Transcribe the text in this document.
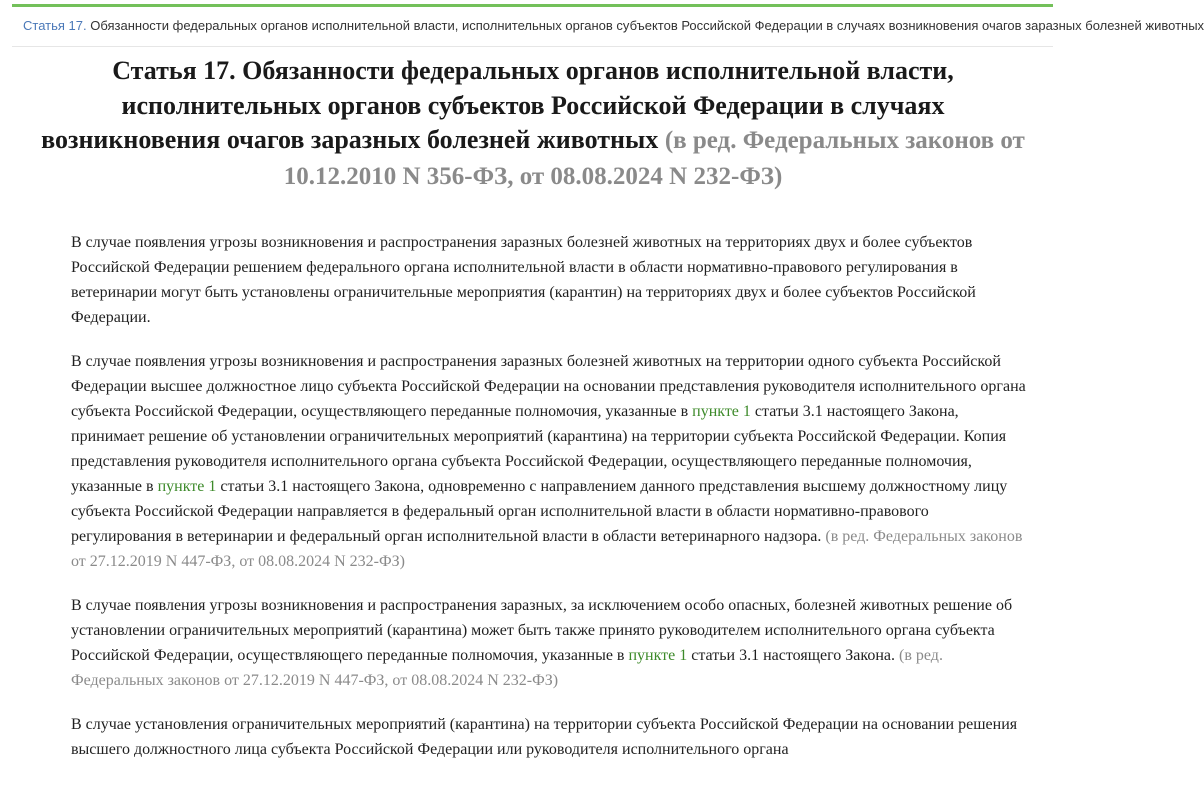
Статья 17. Обязанности федеральных органов исполнительной власти, исполнительных органов субъектов Российской Федерации в случаях возникновения очагов заразных болезней животных
Статья 17. Обязанности федеральных органов исполнительной власти, исполнительных органов субъектов Российской Федерации в случаях возникновения очагов заразных болезней животных (в ред. Федеральных законов от 10.12.2010 N 356-ФЗ, от 08.08.2024 N 232-ФЗ)

В случае появления угрозы возникновения и распространения заразных болезней животных на территориях двух и более субъектов Российской Федерации решением федерального органа исполнительной власти в области нормативно-правового регулирования в ветеринарии могут быть установлены ограничительные мероприятия (карантин) на территориях двух и более субъектов Российской Федерации.

В случае появления угрозы возникновения и распространения заразных болезней животных на территории одного субъекта Российской Федерации высшее должностное лицо субъекта Российской Федерации на основании представления руководителя исполнительного органа субъекта Российской Федерации, осуществляющего переданные полномочия, указанные в пункте 1 статьи 3.1 настоящего Закона, принимает решение об установлении ограничительных мероприятий (карантина) на территории субъекта Российской Федерации. Копия представления руководителя исполнительного органа субъекта Российской Федерации, осуществляющего переданные полномочия, указанные в пункте 1 статьи 3.1 настоящего Закона, одновременно с направлением данного представления высшему должностному лицу субъекта Российской Федерации направляется в федеральный орган исполнительной власти в области нормативно-правового регулирования в ветеринарии и федеральный орган исполнительной власти в области ветеринарного надзора. (в ред. Федеральных законов от 27.12.2019 N 447-ФЗ, от 08.08.2024 N 232-ФЗ)

В случае появления угрозы возникновения и распространения заразных, за исключением особо опасных, болезней животных решение об установлении ограничительных мероприятий (карантина) может быть также принято руководителем исполнительного органа субъекта Российской Федерации, осуществляющего переданные полномочия, указанные в пункте 1 статьи 3.1 настоящего Закона. (в ред. Федеральных законов от 27.12.2019 N 447-ФЗ, от 08.08.2024 N 232-ФЗ)

В случае установления ограничительных мероприятий (карантина) на территории субъекта Российской Федерации на основании решения высшего должностного лица субъекта Российской Федерации или руководителя исполнительного органа
